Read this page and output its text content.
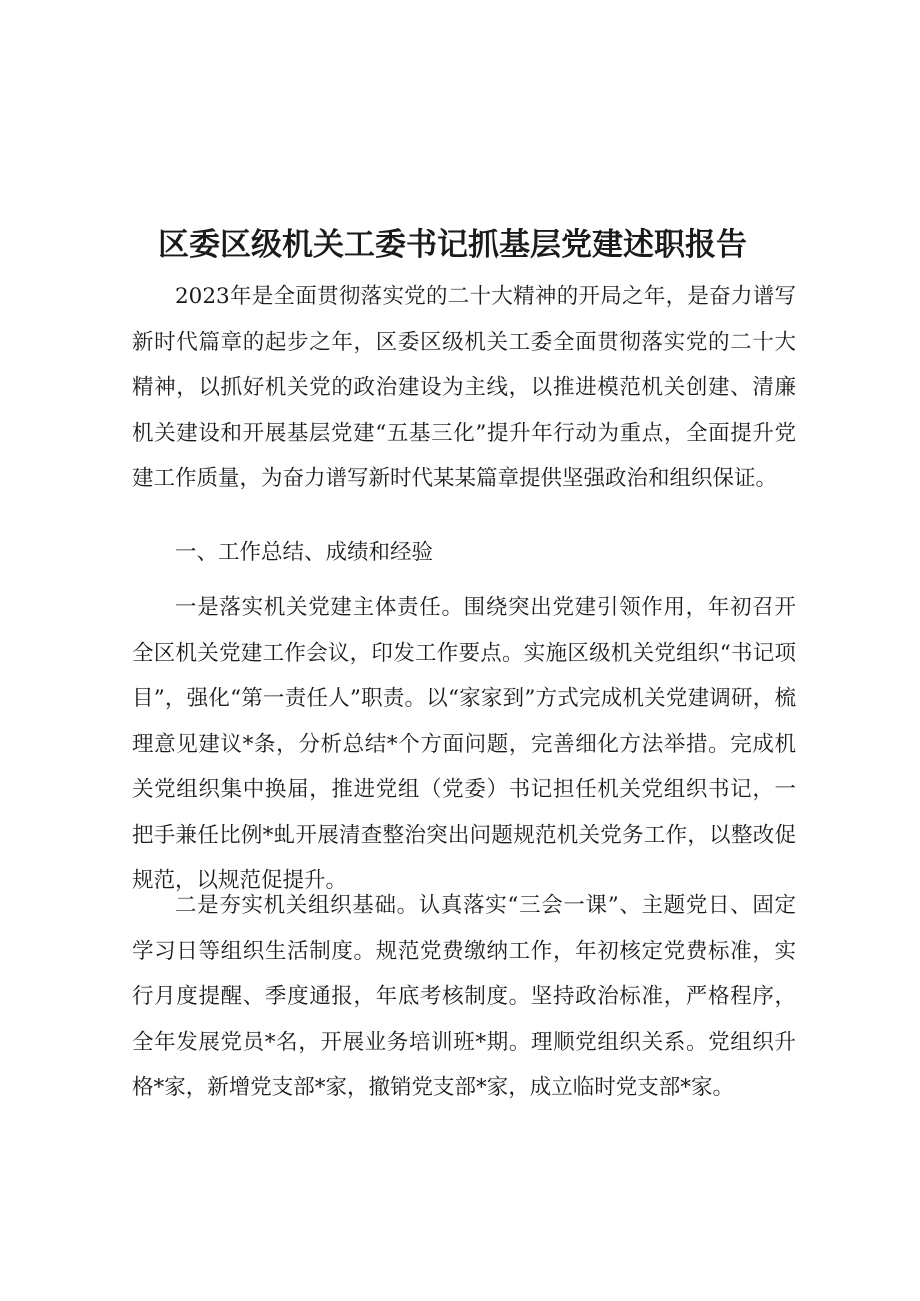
区委区级机关工委书记抓基层党建述职报告

2023年是全面贯彻落实党的二十大精神的开局之年，是奋力谱写新时代篇章的起步之年，区委区级机关工委全面贯彻落实党的二十大精神，以抓好机关党的政治建设为主线，以推进模范机关创建、清廉机关建设和开展基层党建“五基三化”提升年行动为重点，全面提升党建工作质量，为奋力谱写新时代某某篇章提供坚强政治和组织保证。

一、工作总结、成绩和经验

一是落实机关党建主体责任。围绕突出党建引领作用，年初召开全区机关党建工作会议，印发工作要点。实施区级机关党组织“书记项目”，强化“第一责任人”职责。以“家家到”方式完成机关党建调研，梳理意见建议*条，分析总结*个方面问题，完善细化方法举措。完成机关党组织集中换届，推进党组（党委）书记担任机关党组织书记，一把手兼任比例*虬开展清查整治突出问题规范机关党务工作，以整改促规范，以规范促提升。

二是夯实机关组织基础。认真落实“三会一课”、主题党日、固定学习日等组织生活制度。规范党费缴纳工作，年初核定党费标准，实行月度提醒、季度通报，年底考核制度。坚持政治标准，严格程序，全年发展党员*名，开展业务培训班*期。理顺党组织关系。党组织升格*家，新增党支部*家，撤销党支部*家，成立临时党支部*家。
